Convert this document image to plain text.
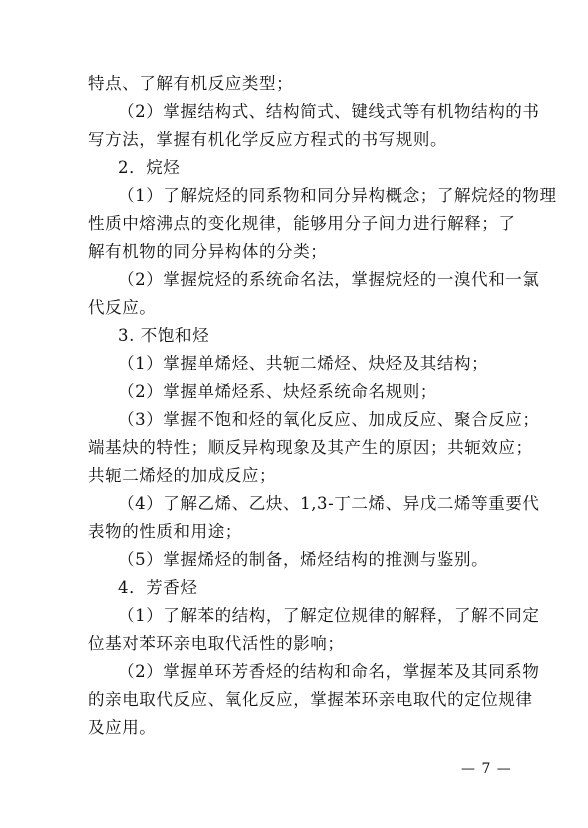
特点、了解有机反应类型；
（2）掌握结构式、结构简式、键线式等有机物结构的书
写方法，掌握有机化学反应方程式的书写规则。
2．烷烃
（1）了解烷烃的同系物和同分异构概念；了解烷烃的物理
性质中熔沸点的变化规律，能够用分子间力进行解释；了
解有机物的同分异构体的分类；
（2）掌握烷烃的系统命名法，掌握烷烃的一溴代和一氯
代反应。
3. 不饱和烃
（1）掌握单烯烃、共轭二烯烃、炔烃及其结构；
（2）掌握单烯烃系、炔烃系统命名规则；
（3）掌握不饱和烃的氧化反应、加成反应、聚合反应；
端基炔的特性；顺反异构现象及其产生的原因；共轭效应；
共轭二烯烃的加成反应；
（4）了解乙烯、乙炔、1,3-丁二烯、异戊二烯等重要代
表物的性质和用途；
（5）掌握烯烃的制备，烯烃结构的推测与鉴别。
4．芳香烃
（1）了解苯的结构，了解定位规律的解释，了解不同定
位基对苯环亲电取代活性的影响；
（2）掌握单环芳香烃的结构和命名，掌握苯及其同系物
的亲电取代反应、氧化反应，掌握苯环亲电取代的定位规律
及应用。
— 7 —
